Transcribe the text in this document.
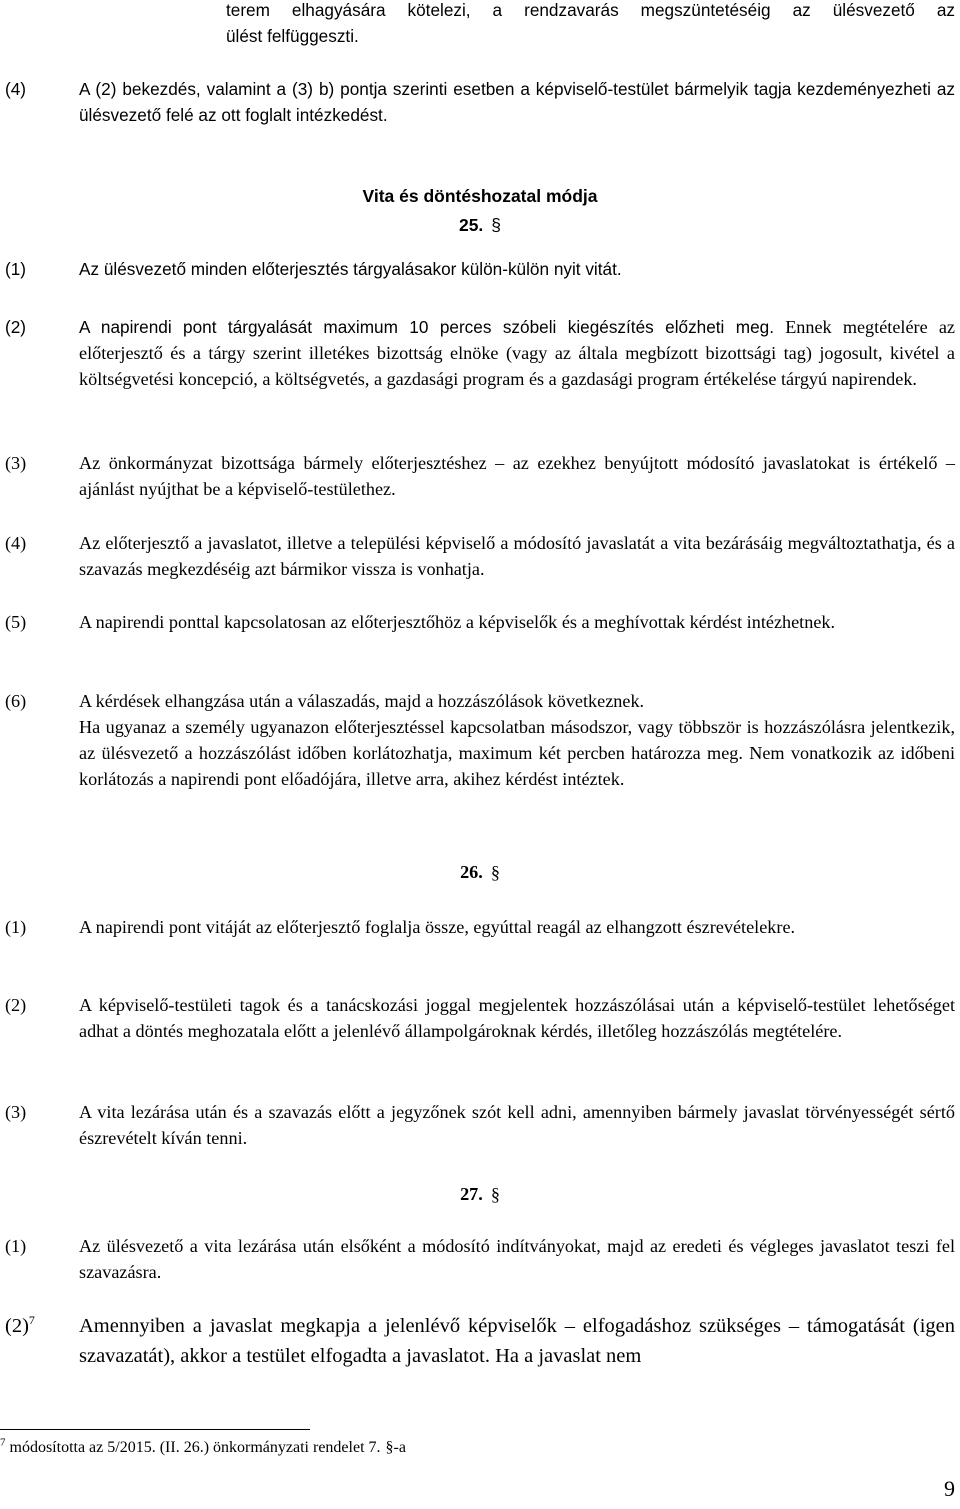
terem elhagyására kötelezi, a rendzavarás megszüntetéséig az ülésvezető az
ülést felfüggeszti.
(4)	A (2) bekezdés, valamint a (3) b) pontja szerinti esetben a képviselő-testület bármelyik tagja kezdeményezheti az ülésvezető felé az ott foglalt intézkedést.
Vita és döntéshozatal módja
25. §
(1)	Az ülésvezető minden előterjesztés tárgyalásakor külön-külön nyit vitát.
(2)	A napirendi pont tárgyalását maximum 10 perces szóbeli kiegészítés előzheti meg. Ennek megtételére az előterjesztő és a tárgy szerint illetékes bizottság elnöke (vagy az általa megbízott bizottsági tag) jogosult, kivétel a költségvetési koncepció, a költségvetés, a gazdasági program és a gazdasági program értékelése tárgyú napirendek.
(3)	Az önkormányzat bizottsága bármely előterjesztéshez – az ezekhez benyújtott módosító javaslatokat is értékelő – ajánlást nyújthat be a képviselő-testülethez.
(4)	Az előterjesztő a javaslatot, illetve a települési képviselő a módosító javaslatát a vita bezárásáig megváltoztathatja, és a szavazás megkezdéséig azt bármikor vissza is vonhatja.
(5)	A napirendi ponttal kapcsolatosan az előterjesztőhöz a képviselők és a meghívottak kérdést intézhetnek.
(6)	A kérdések elhangzása után a válaszadás, majd a hozzászólások következnek.
Ha ugyanaz a személy ugyanazon előterjesztéssel kapcsolatban másodszor, vagy többször is hozzászólásra jelentkezik, az ülésvezető a hozzászólást időben korlátozhatja, maximum két percben határozza meg. Nem vonatkozik az időbeni korlátozás a napirendi pont előadójára, illetve arra, akihez kérdést intéztek.
26. §
(1)	A napirendi pont vitáját az előterjesztő foglalja össze, egyúttal reagál az elhangzott észrevételekre.
(2)	A képviselő-testületi tagok és a tanácskozási joggal megjelentek hozzászólásai után a képviselő-testület lehetőséget adhat a döntés meghozatala előtt a jelenlévő állampolgároknak kérdés, illetőleg hozzászólás megtételére.
(3)	A vita lezárása után és a szavazás előtt a jegyzőnek szót kell adni, amennyiben bármely javaslat törvényességét sértő észrevételt kíván tenni.
27. §
(1)	Az ülésvezető a vita lezárása után elsőként a módosító indítványokat, majd az eredeti és végleges javaslatot teszi fel szavazásra.
$(2)^7$ Amennyiben a javaslat megkapja a jelenlévő képviselők – elfogadáshoz szükséges – támogatását (igen szavazatát), akkor a testület elfogadta a javaslatot. Ha a javaslat nem
$^7$ módosította az 5/2015. (II. 26.) önkormányzati rendelet 7. §-a
9
